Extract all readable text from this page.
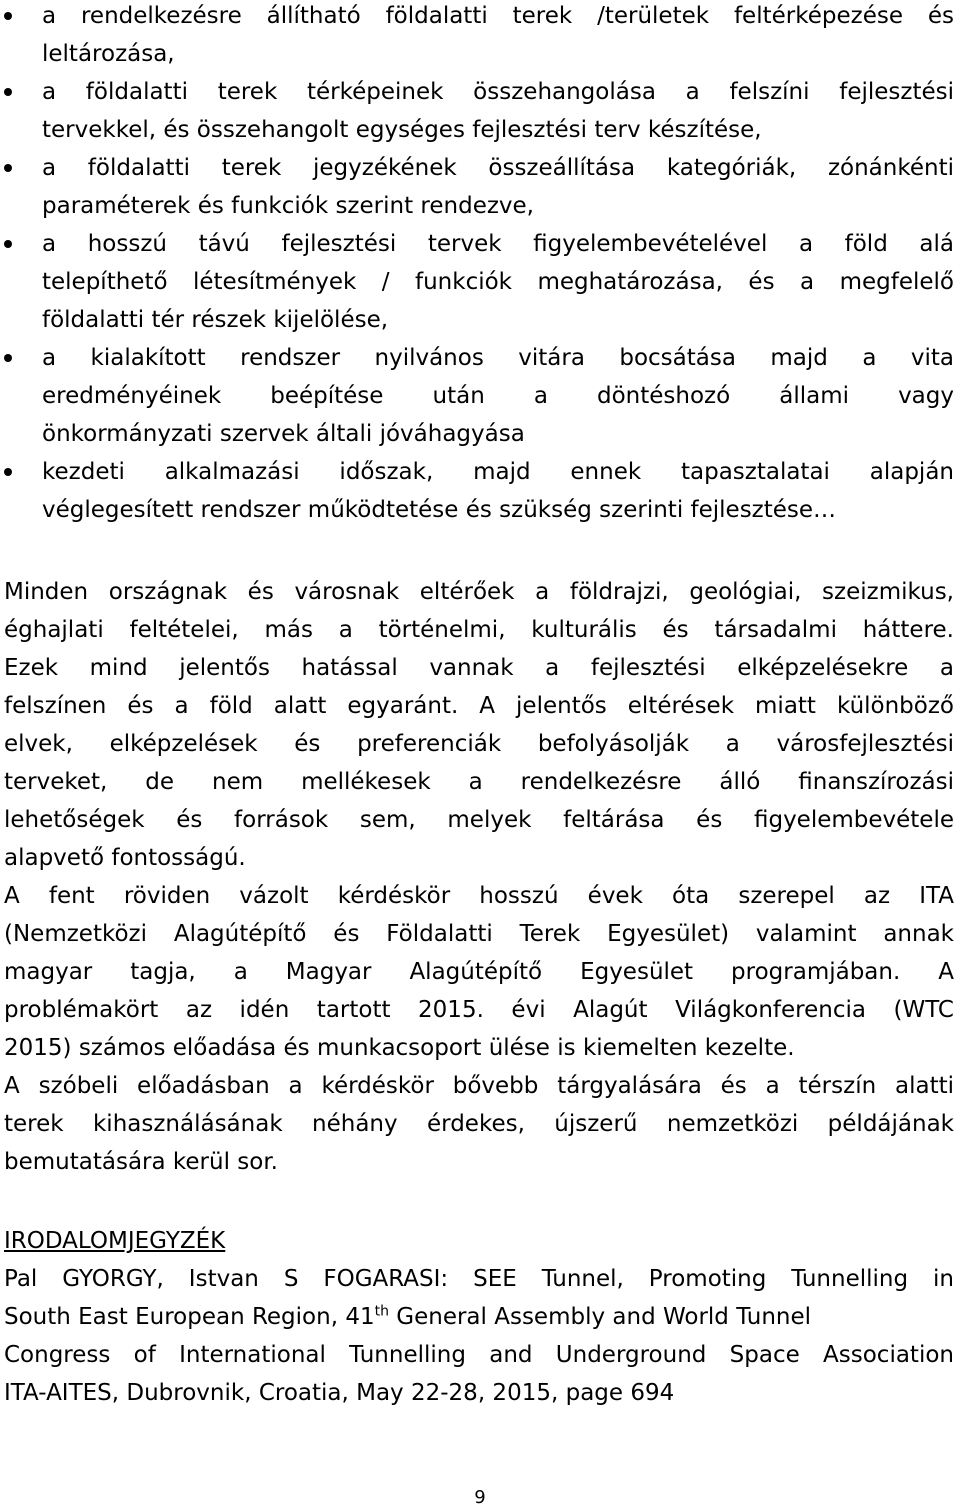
a rendelkezésre állítható földalatti terek /területek feltérképezése és
leltározása,
a földalatti terek térképeinek összehangolása a felszíni fejlesztési
tervekkel, és összehangolt egységes fejlesztési terv készítése,
a földalatti terek jegyzékének összeállítása kategóriák, zónánkénti
paraméterek és funkciók szerint rendezve,
a hosszú távú fejlesztési tervek figyelembevételével a föld alá
telepíthető létesítmények / funkciók meghatározása, és a megfelelő
földalatti tér részek kijelölése,
a kialakított rendszer nyilvános vitára bocsátása majd a vita
eredményéinek beépítése után a döntéshozó állami vagy
önkormányzati szervek általi jóváhagyása
kezdeti alkalmazási időszak, majd ennek tapasztalatai alapján
véglegesített rendszer működtetése és szükség szerinti fejlesztése…
Minden országnak és városnak eltérőek a földrajzi, geológiai, szeizmikus,
éghajlati feltételei, más a történelmi, kulturális és társadalmi háttere.
Ezek mind jelentős hatással vannak a fejlesztési elképzelésekre a
felszínen és a föld alatt egyaránt. A jelentős eltérések miatt különböző
elvek, elképzelések és preferenciák befolyásolják a városfejlesztési
terveket, de nem mellékesek a rendelkezésre álló finanszírozási
lehetőségek és források sem, melyek feltárása és figyelembevétele
alapvető fontosságú.
A fent röviden vázolt kérdéskör hosszú évek óta szerepel az ITA
(Nemzetközi Alagútépítő és Földalatti Terek Egyesület) valamint annak
magyar tagja, a Magyar Alagútépítő Egyesület programjában. A
problémakört az idén tartott 2015. évi Alagút Világkonferencia (WTC
2015) számos előadása és munkacsoport ülése is kiemelten kezelte.
A szóbeli előadásban a kérdéskör bővebb tárgyalására és a térszín alatti
terek kihasználásának néhány érdekes, újszerű nemzetközi példájának
bemutatására kerül sor.
IRODALOMJEGYZÉK
Pal GYORGY, Istvan S FOGARASI: SEE Tunnel, Promoting Tunnelling in
South East European Region, 41th General Assembly and World Tunnel
Congress of International Tunnelling and Underground Space Association
ITA-AITES, Dubrovnik, Croatia, May 22-28, 2015, page 694
9
